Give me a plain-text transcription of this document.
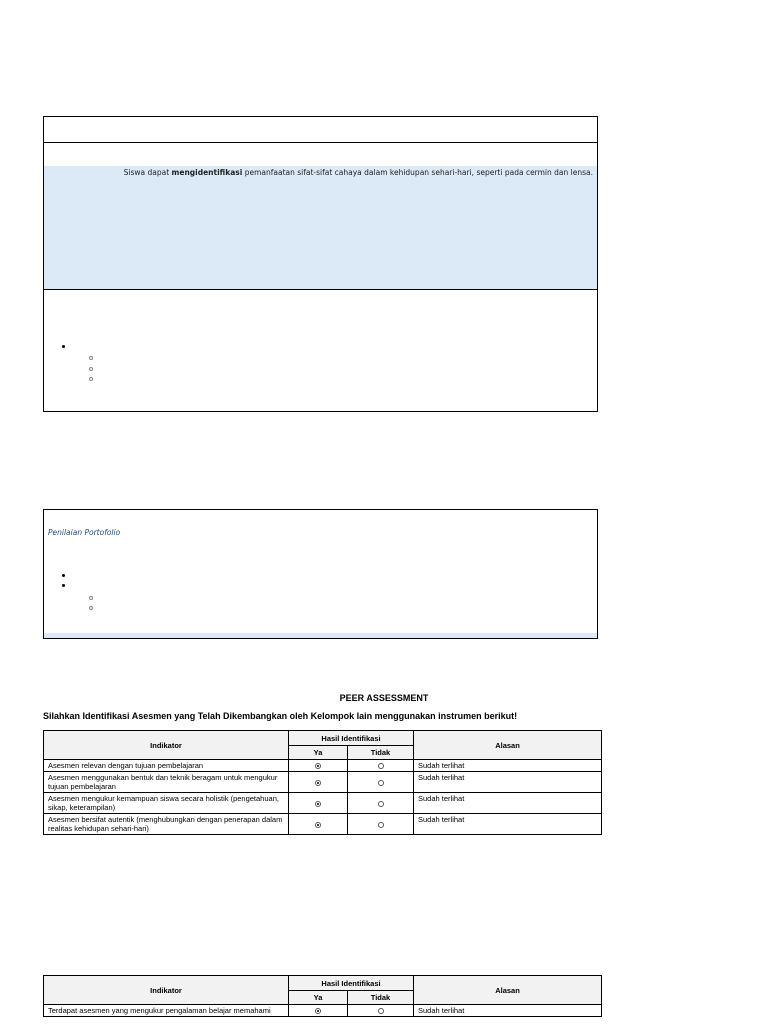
Siswa dapat mengidentifikasi pemanfaatan sifat-sifat cahaya dalam kehidupan sehari-hari, seperti pada cermin dan lensa.
Penilaian Portofolio
PEER ASSESSMENT
Silahkan Identifikasi Asesmen yang Telah Dikembangkan oleh Kelompok lain menggunakan instrumen berikut!
Indikator	Hasil Identifikasi		Alasan
	Ya	Tidak	
Asesmen relevan dengan tujuan pembelajaran			Sudah terlihat
Asesmen menggunakan bentuk dan teknik beragam untuk mengukur tujuan pembelajaran			Sudah terlihat
Asesmen mengukur kemampuan siswa secara holistik (pengetahuan, sikap, keterampilan)			Sudah terlihat
Asesmen bersifat autentik (menghubungkan dengan penerapan dalam realitas kehidupan sehari-hari)			Sudah terlihat
Indikator	Hasil Identifikasi		Alasan
	Ya	Tidak	
Terdapat asesmen yang mengukur pengalaman belajar memahami			Sudah terlihat
